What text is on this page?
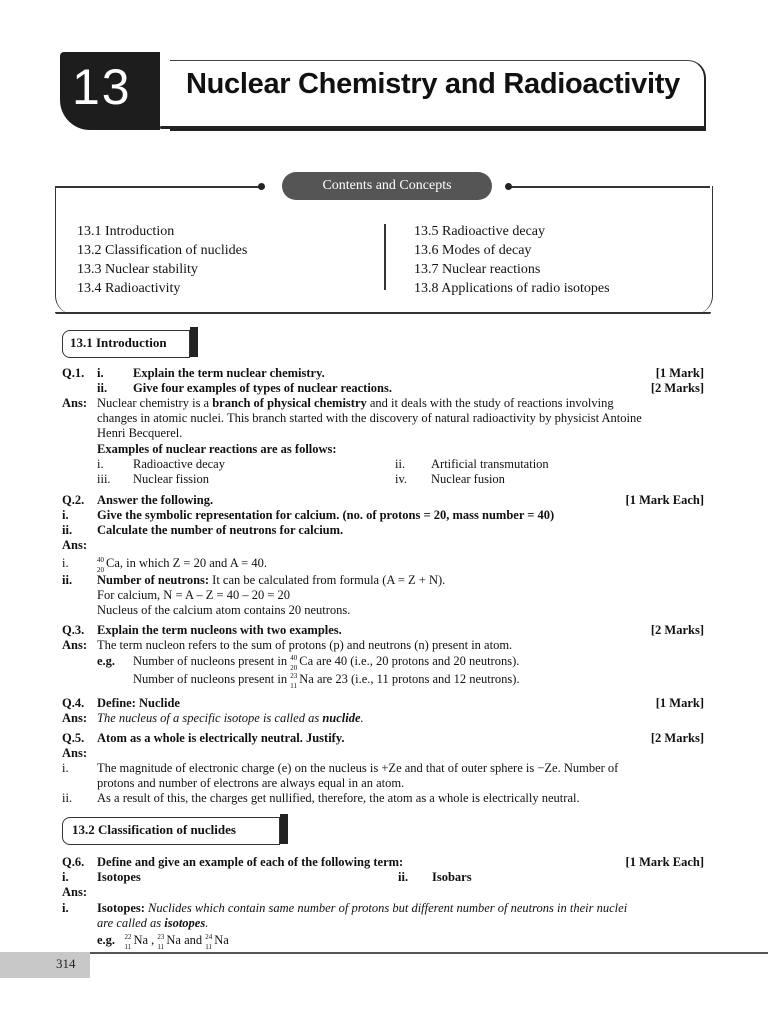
13 Nuclear Chemistry and Radioactivity
Contents and Concepts
13.1 Introduction
13.2 Classification of nuclides
13.3 Nuclear stability
13.4 Radioactivity
13.5 Radioactive decay
13.6 Modes of decay
13.7 Nuclear reactions
13.8 Applications of radio isotopes
13.1 Introduction
Q.1. i. Explain the term nuclear chemistry.	[1 Mark]
ii. Give four examples of types of nuclear reactions.	[2 Marks]
Ans: Nuclear chemistry is a branch of physical chemistry and it deals with the study of reactions involving
changes in atomic nuclei. This branch started with the discovery of natural radioactivity by physicist Antoine
Henri Becquerel.
Examples of nuclear reactions are as follows:
i. Radioactive decay	ii. Artificial transmutation
iii. Nuclear fission	iv. Nuclear fusion
Q.2. Answer the following.	[1 Mark Each]
i. Give the symbolic representation for calcium. (no. of protons = 20, mass number = 40)
ii. Calculate the number of neutrons for calcium.
Ans:
i.	40
20 Ca, in which Z = 20 and A = 40.
ii. Number of neutrons: It can be calculated from formula (A = Z + N).
For calcium, N = A – Z = 40 – 20 = 20
Nucleus of the calcium atom contains 20 neutrons.
Q.3. Explain the term nucleons with two examples.	[2 Marks]
Ans: The term nucleon refers to the sum of protons (p) and neutrons (n) present in atom.
e.g. Number of nucleons present in 40
20 Ca are 40 (i.e., 20 protons and 20 neutrons).
Number of nucleons present in 23
11 Na are 23 (i.e., 11 protons and 12 neutrons).
Q.4. Define: Nuclide	[1 Mark]
Ans: The nucleus of a specific isotope is called as nuclide.
Q.5. Atom as a whole is electrically neutral. Justify.	[2 Marks]
Ans:
i. The magnitude of electronic charge (e) on the nucleus is +Ze and that of outer sphere is −Ze. Number of
protons and number of electrons are always equal in an atom.
ii. As a result of this, the charges get nullified, therefore, the atom as a whole is electrically neutral.
13.2 Classification of nuclides
Q.6. Define and give an example of each of the following term:	[1 Mark Each]
i. Isotopes	ii. Isobars
Ans:
i. Isotopes: Nuclides which contain same number of protons but different number of neutrons in their nuclei
are called as isotopes.
e.g. 22
11 Na , 23
11 Na and 24
11 Na
314
